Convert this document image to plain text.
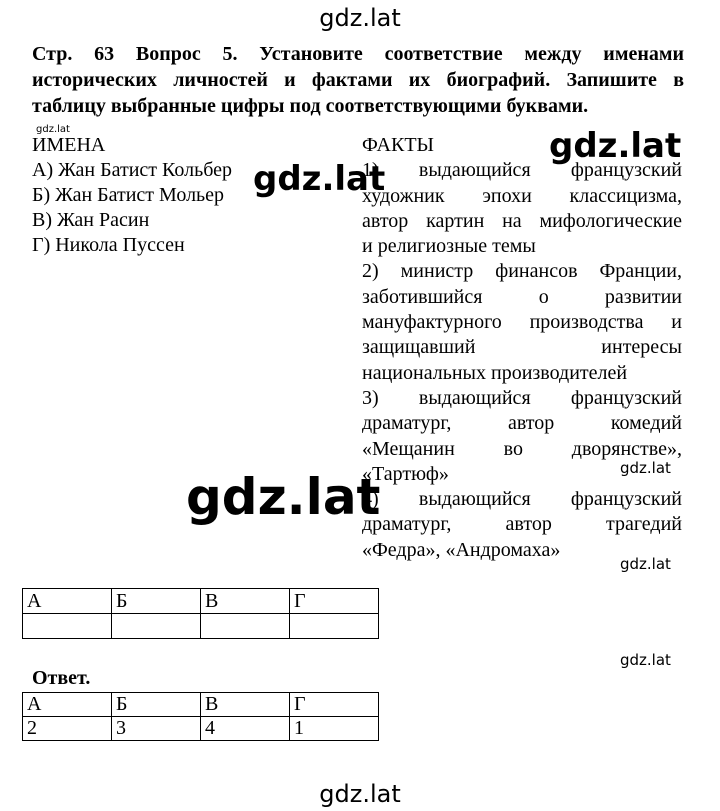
gdz.lat
Стр. 63 Вопрос 5. Установите соответствие между именами
исторических личностей и фактами их биографий. Запишите в
таблицу выбранные цифры под соответствующими буквами.
gdz.lat
ИМЕНА
А) Жан Батист Кольбер
Б) Жан Батист Мольер
В) Жан Расин
Г) Никола Пуссен
ФАКТЫ
1) выдающийся французский
художник эпохи классицизма,
автор картин на мифологические
и религиозные темы
2) министр финансов Франции,
заботившийся о развитии
мануфактурного производства и
защищавший интересы
национальных производителей
3) выдающийся французский
драматург, автор комедий
«Мещанин во дворянстве»,
«Тартюф»
4) выдающийся французский
драматург, автор трагедий
«Федра», «Андромаха»
gdz.lat
gdz.lat
gdz.lat	gdz.lat
gdz.lat
gdz.lat
А	Б	В	Г

Ответ.
А	Б	В	Г
2	3	4	1
gdz.lat
